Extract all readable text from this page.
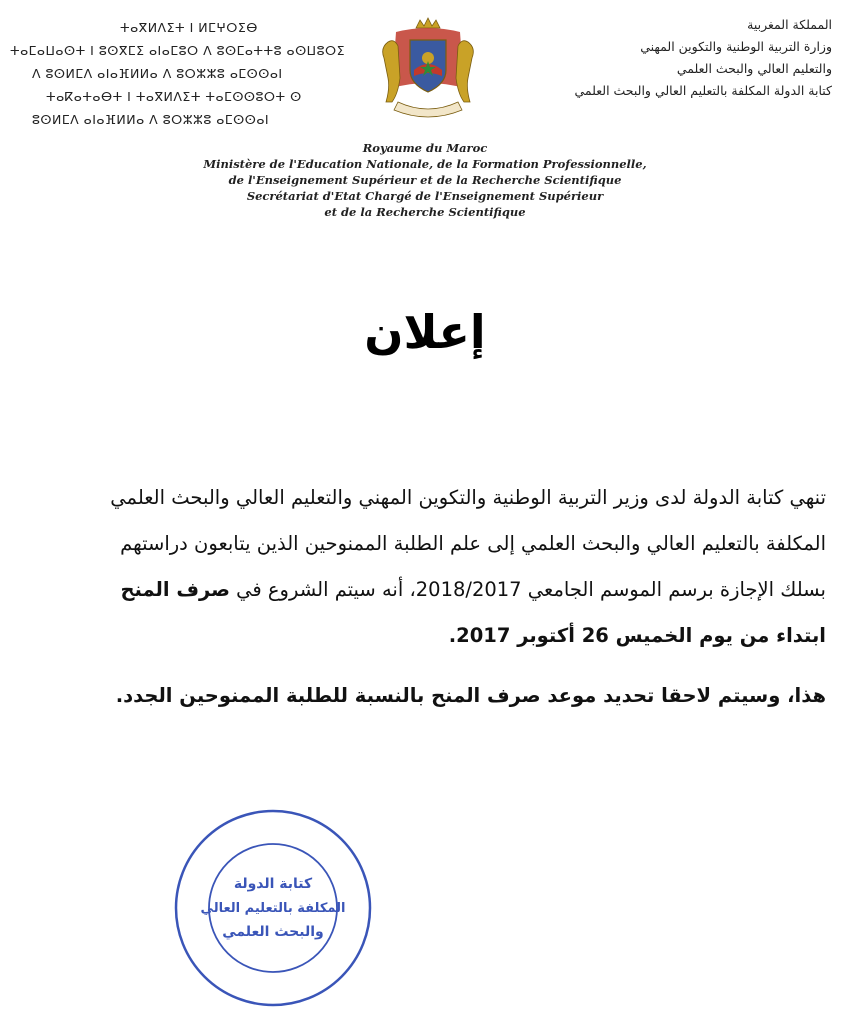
المملكة المغربية
وزارة التربية الوطنية والتكوين المهني
والتعليم العالي والبحث العلمي
كتابة الدولة المكلفة بالتعليم العالي والبحث العلمي
ⵜⴰⴳⵍⴷⵉⵜ ⵏ ⵍⵎⵖⵔⵉⴱ
ⵜⴰⵎⴰⵡⴰⵙⵜ ⵏ ⵓⵙⴳⵎⵉ ⴰⵏⴰⵎⵓⵔ ⴷ ⵓⵙⵎⴰⵜⵜⵓ ⴰⵙⵡⵓⵔⵉ
ⴷ ⵓⵙⵍⵎⴷ ⴰⵏⴰⴼⵍⵍⴰ ⴷ ⵓⵔⵣⵣⵓ ⴰⵎⵙⵙⴰⵏ
ⵜⴰⴽⴰⵜⴰⴱⵜ ⵏ ⵜⴰⴳⵍⴷⵉⵜ ⵜⴰⵎⵙⵙⵓⵔⵜ ⵙ
ⵓⵙⵍⵎⴷ ⴰⵏⴰⴼⵍⵍⴰ ⴷ ⵓⵔⵣⵣⵓ ⴰⵎⵙⵙⴰⵏ
Royaume du Maroc
Ministère de l'Education Nationale, de la Formation Professionnelle,
de l'Enseignement Supérieur et de la Recherche Scientifique
Secrétariat d'Etat Chargé de l'Enseignement Supérieur
et de la Recherche Scientifique
إعلان
تنهي كتابة الدولة لدى وزير التربية الوطنية والتكوين المهني والتعليم العالي والبحث العلمي
المكلفة بالتعليم العالي والبحث العلمي إلى علم الطلبة الممنوحين الذين يتابعون دراستهم
بسلك الإجازة برسم الموسم الجامعي 2018/2017، أنه سيتم الشروع في صرف المنح
ابتداء من يوم الخميس 26 أكتوبر 2017.
هذا، وسيتم لاحقا تحديد موعد صرف المنح بالنسبة للطلبة الممنوحين الجدد.
كتابة الدولة
المكلفة بالتعليم العالي
والبحث العلمي
